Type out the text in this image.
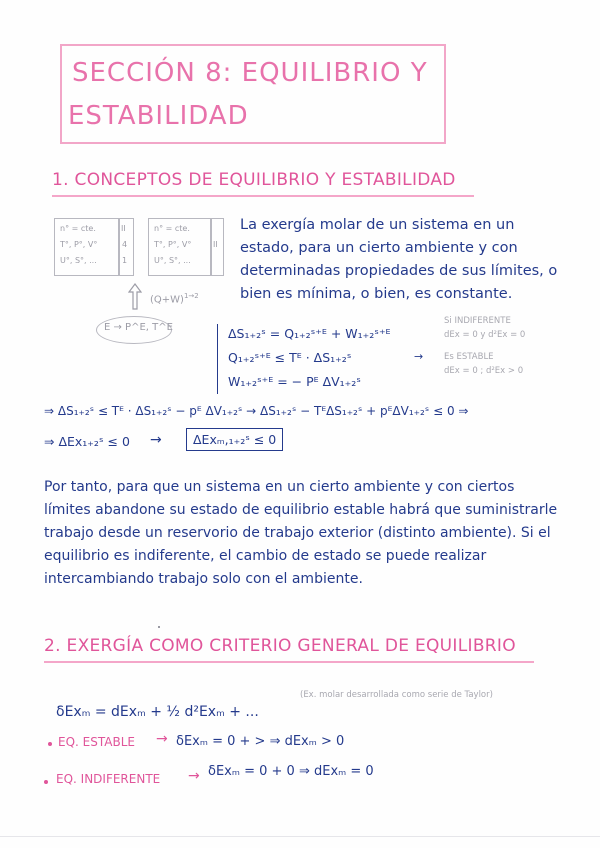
SECCIÓN 8: EQUILIBRIO Y
ESTABILIDAD
1. CONCEPTOS DE EQUILIBRIO Y ESTABILIDAD
n° = cte.
T°, P°, V°
U°, S°, ...
II
4
1
n° = cte.
T°, P°, V°
U°, S°, ...
II
$(Q+W)^{1\to 2}$
E → P^E, T^E
La exergía molar de un sistema en un estado, para un cierto ambiente y con determinadas propiedades de sus límites, o bien es mínima, o bien, es constante.
ΔS₁₊₂ˢ = Q₁₊₂ˢ⁺ᴱ + W₁₊₂ˢ⁺ᴱ
Q₁₊₂ˢ⁺ᴱ ≤ Tᴱ · ΔS₁₊₂ˢ
W₁₊₂ˢ⁺ᴱ = − Pᴱ ΔV₁₊₂ˢ
→
Si INDIFERENTE
dEx = 0 y d²Ex = 0
Es ESTABLE
dEx = 0 ; d²Ex > 0
⇒ ΔS₁₊₂ˢ ≤ Tᴱ · ΔS₁₊₂ˢ − pᴱ ΔV₁₊₂ˢ → ΔS₁₊₂ˢ − TᴱΔS₁₊₂ˢ + pᴱΔV₁₊₂ˢ ≤ 0 ⇒
⇒ ΔEx₁₊₂ˢ ≤ 0 →	ΔExₘ,₁₊₂ˢ ≤ 0
Por tanto, para que un sistema en un cierto ambiente y con ciertos límites abandone su estado de equilibrio estable habrá que suministrarle trabajo desde un reservorio de trabajo exterior (distinto ambiente). Si el equilibrio es indiferente, el cambio de estado se puede realizar intercambiando trabajo solo con el ambiente.
2. EXERGÍA COMO CRITERIO GENERAL DE EQUILIBRIO
δExₘ = dExₘ + ½ d²Exₘ + ...
(Ex. molar desarrollada como serie de Taylor)
EQ. ESTABLE → δExₘ = 0 + > ⇒ dExₘ > 0
EQ. INDIFERENTE → δExₘ = 0 + 0 ⇒ dExₘ = 0
